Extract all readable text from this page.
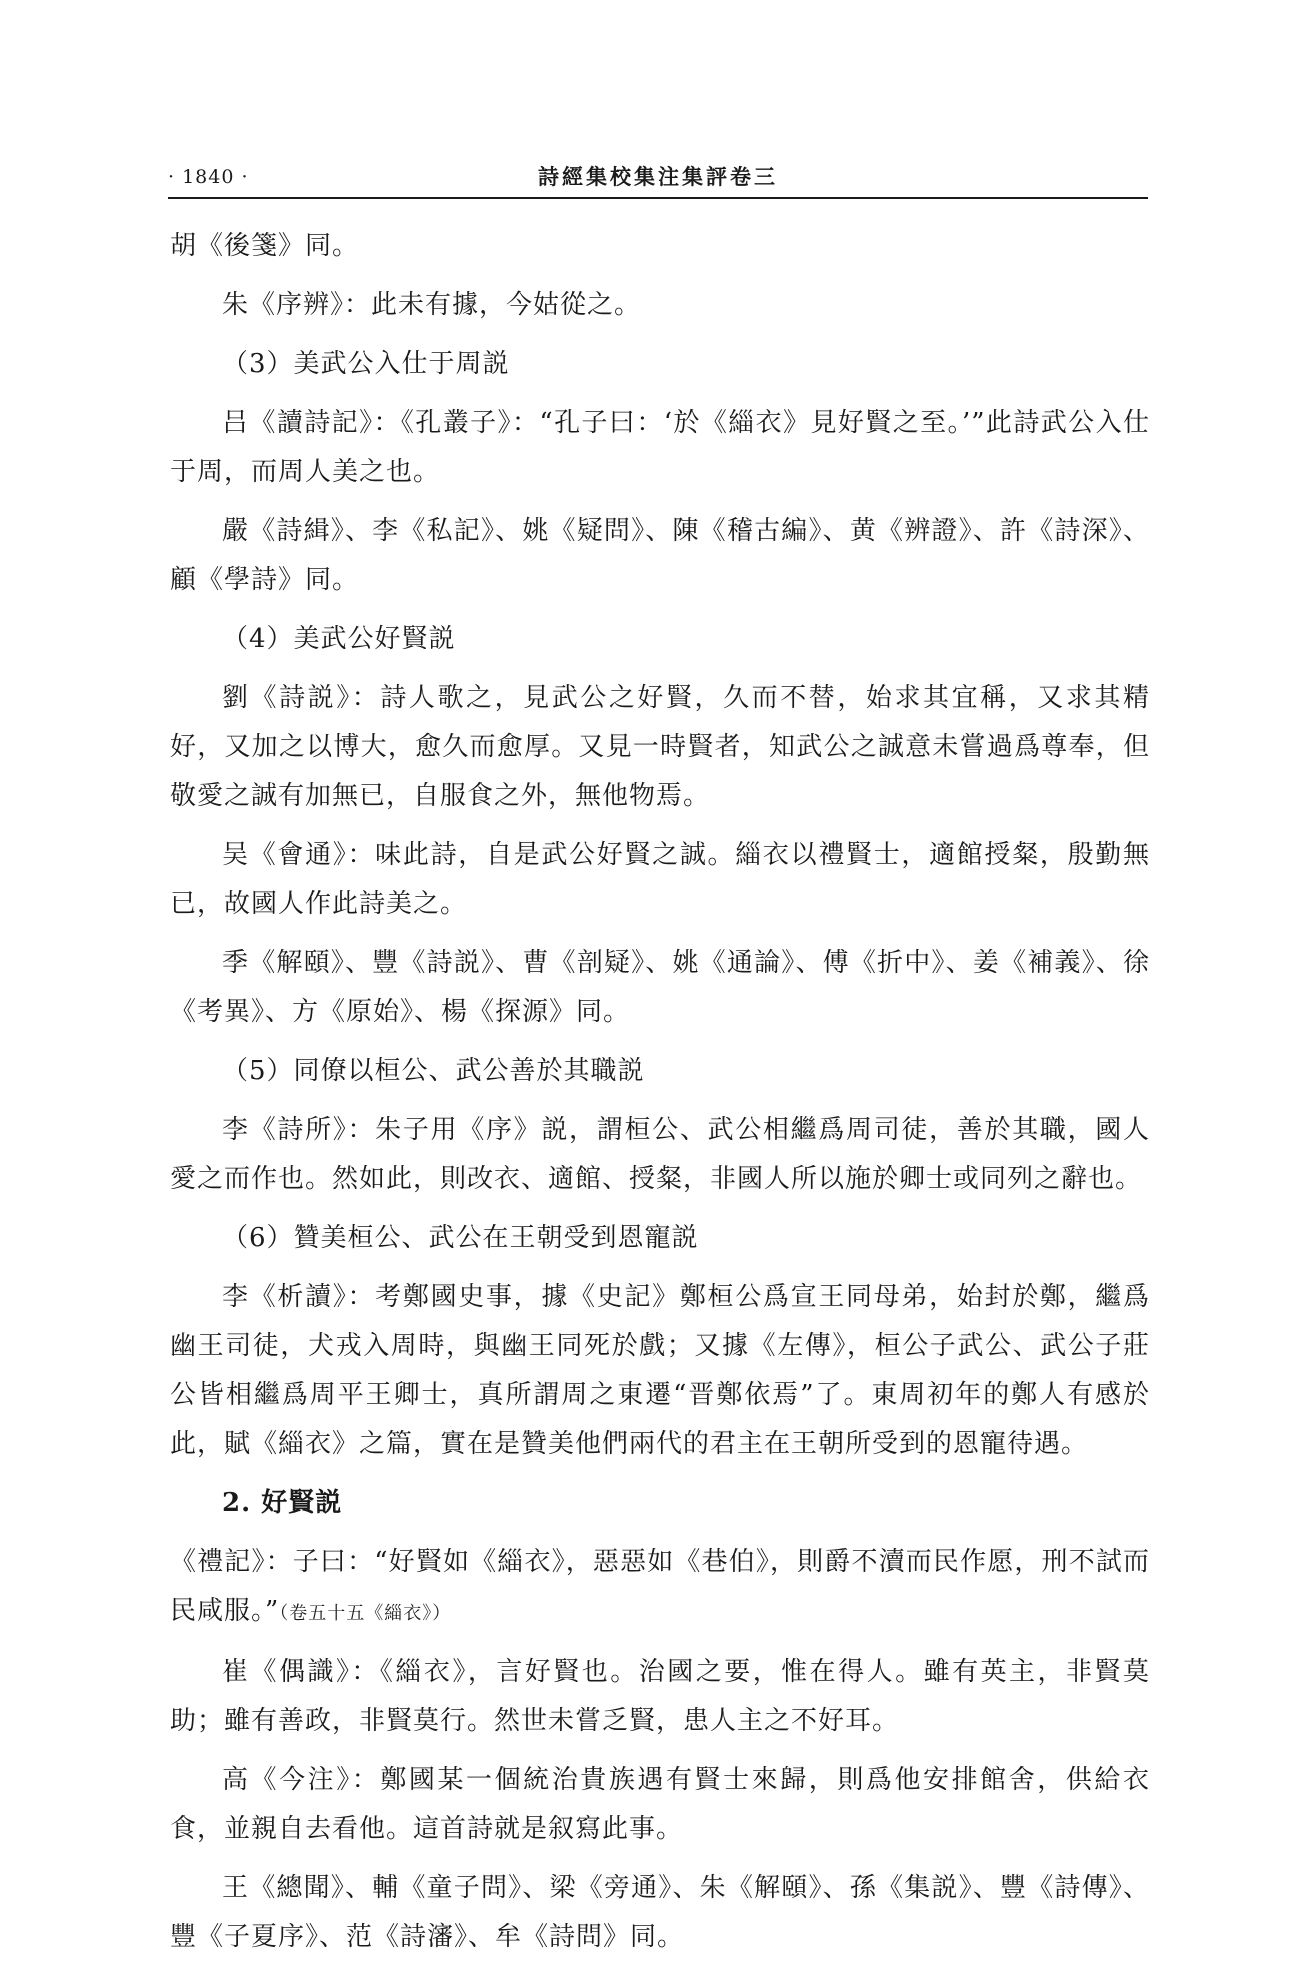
· 1840 ·	詩經集校集注集評卷三

胡《後箋》同。

朱《序辨》：此未有據，今姑從之。

（3）美武公入仕于周説

吕《讀詩記》：《孔叢子》：“孔子曰：‘於《緇衣》見好賢之至。’”此詩武公入仕于周，而周人美之也。

嚴《詩緝》、李《私記》、姚《疑問》、陳《稽古編》、黄《辨證》、許《詩深》、顧《學詩》同。

（4）美武公好賢説

劉《詩説》：詩人歌之，見武公之好賢，久而不替，始求其宜稱，又求其精好，又加之以博大，愈久而愈厚。又見一時賢者，知武公之誠意未嘗過爲尊奉，但敬愛之誠有加無已，自服食之外，無他物焉。

吴《會通》：味此詩，自是武公好賢之誠。緇衣以禮賢士，適館授粲，殷勤無已，故國人作此詩美之。

季《解頤》、豐《詩説》、曹《剖疑》、姚《通論》、傅《折中》、姜《補義》、徐《考異》、方《原始》、楊《探源》同。

（5）同僚以桓公、武公善於其職説

李《詩所》：朱子用《序》説，謂桓公、武公相繼爲周司徒，善於其職，國人愛之而作也。然如此，則改衣、適館、授粲，非國人所以施於卿士或同列之辭也。

（6）贊美桓公、武公在王朝受到恩寵説

李《析讀》：考鄭國史事，據《史記》鄭桓公爲宣王同母弟，始封於鄭，繼爲幽王司徒，犬戎入周時，與幽王同死於戲；又據《左傳》，桓公子武公、武公子莊公皆相繼爲周平王卿士，真所謂周之東遷“晋鄭依焉”了。東周初年的鄭人有感於此，賦《緇衣》之篇，實在是贊美他們兩代的君主在王朝所受到的恩寵待遇。

2. 好賢説

《禮記》：子曰：“好賢如《緇衣》，惡惡如《巷伯》，則爵不瀆而民作愿，刑不試而民咸服。”（卷五十五《緇衣》）

崔《偶識》：《緇衣》，言好賢也。治國之要，惟在得人。雖有英主，非賢莫助；雖有善政，非賢莫行。然世未嘗乏賢，患人主之不好耳。

高《今注》：鄭國某一個統治貴族遇有賢士來歸，則爲他安排館舍，供給衣食，並親自去看他。這首詩就是叙寫此事。

王《總聞》、輔《童子問》、梁《旁通》、朱《解頤》、孫《集説》、豐《詩傳》、豐《子夏序》、范《詩瀋》、牟《詩問》同。
